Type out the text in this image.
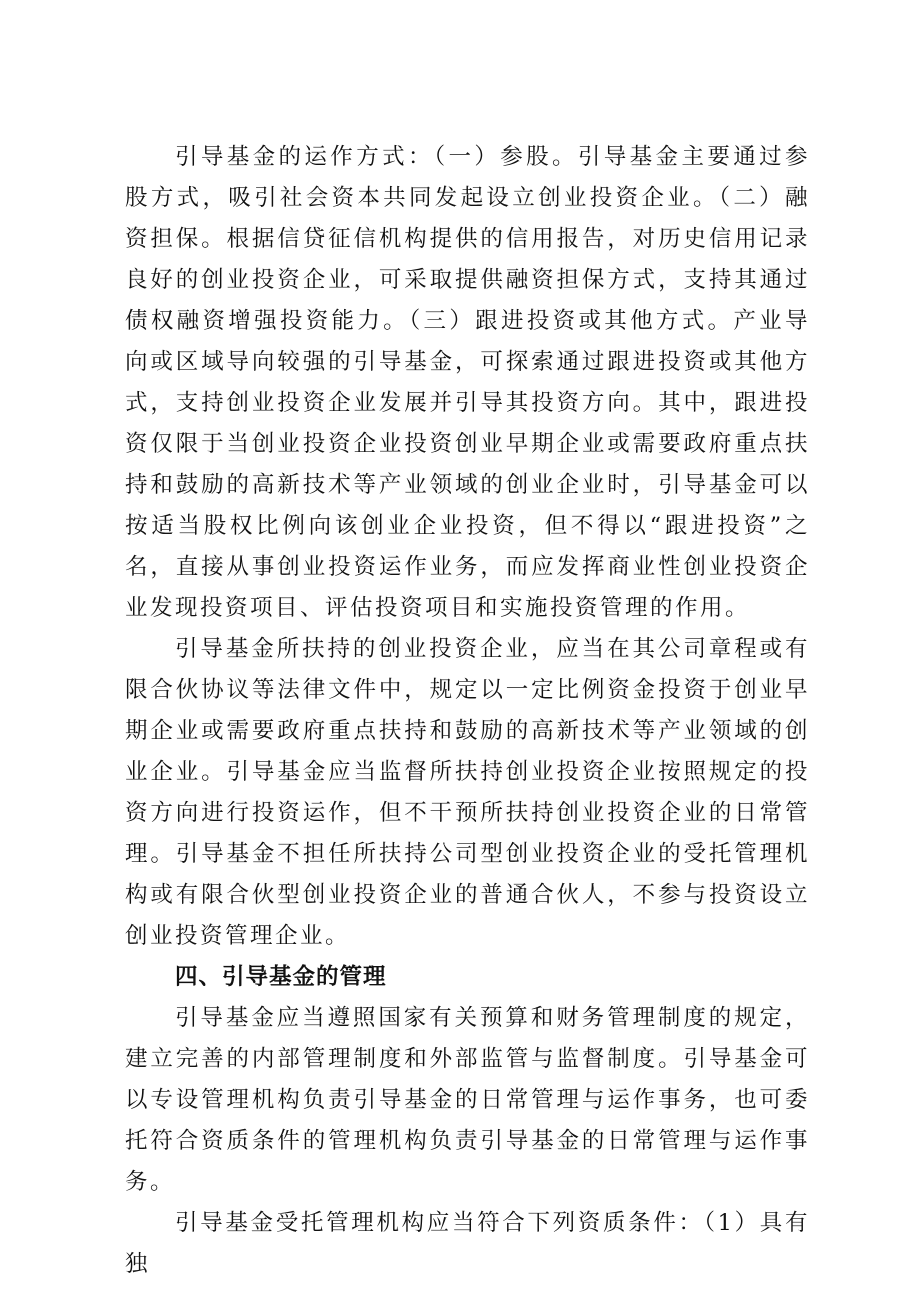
引导基金的运作方式：（一）参股。引导基金主要通过参股方式，吸引社会资本共同发起设立创业投资企业。（二）融资担保。根据信贷征信机构提供的信用报告，对历史信用记录良好的创业投资企业，可采取提供融资担保方式，支持其通过债权融资增强投资能力。（三）跟进投资或其他方式。产业导向或区域导向较强的引导基金，可探索通过跟进投资或其他方式，支持创业投资企业发展并引导其投资方向。其中，跟进投资仅限于当创业投资企业投资创业早期企业或需要政府重点扶持和鼓励的高新技术等产业领域的创业企业时，引导基金可以按适当股权比例向该创业企业投资，但不得以“跟进投资”之名，直接从事创业投资运作业务，而应发挥商业性创业投资企业发现投资项目、评估投资项目和实施投资管理的作用。

引导基金所扶持的创业投资企业，应当在其公司章程或有限合伙协议等法律文件中，规定以一定比例资金投资于创业早期企业或需要政府重点扶持和鼓励的高新技术等产业领域的创业企业。引导基金应当监督所扶持创业投资企业按照规定的投资方向进行投资运作，但不干预所扶持创业投资企业的日常管理。引导基金不担任所扶持公司型创业投资企业的受托管理机构或有限合伙型创业投资企业的普通合伙人，不参与投资设立创业投资管理企业。

四、引导基金的管理

引导基金应当遵照国家有关预算和财务管理制度的规定，建立完善的内部管理制度和外部监管与监督制度。引导基金可以专设管理机构负责引导基金的日常管理与运作事务，也可委托符合资质条件的管理机构负责引导基金的日常管理与运作事务。

引导基金受托管理机构应当符合下列资质条件：（1）具有独
